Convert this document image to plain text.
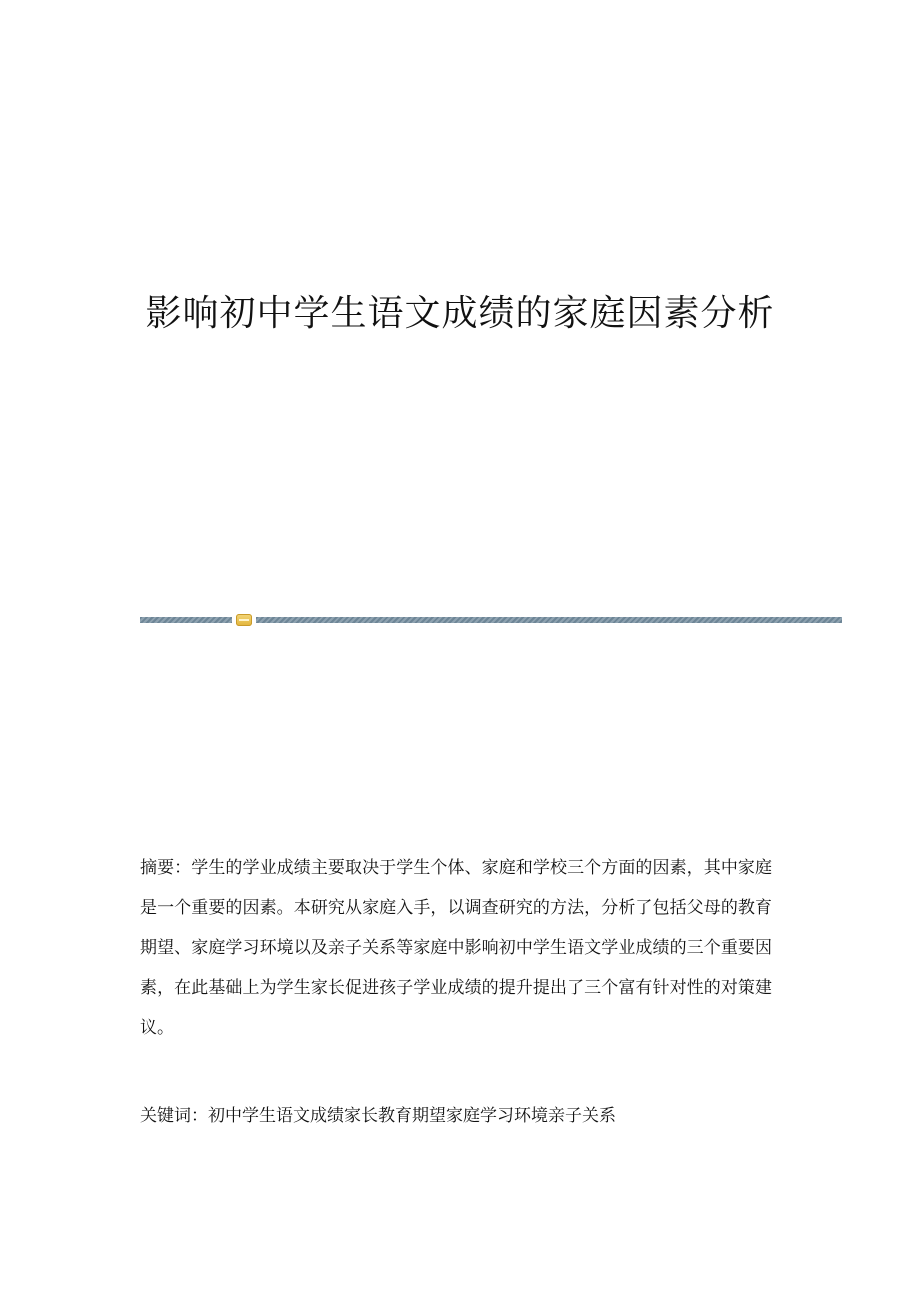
影响初中学生语文成绩的家庭因素分析
摘要：学生的学业成绩主要取决于学生个体、家庭和学校三个方面的因素，其中家庭是一个重要的因素。本研究从家庭入手，以调查研究的方法，分析了包括父母的教育期望、家庭学习环境以及亲子关系等家庭中影响初中学生语文学业成绩的三个重要因素，在此基础上为学生家长促进孩子学业成绩的提升提出了三个富有针对性的对策建议。
关键词：初中学生语文成绩家长教育期望家庭学习环境亲子关系
